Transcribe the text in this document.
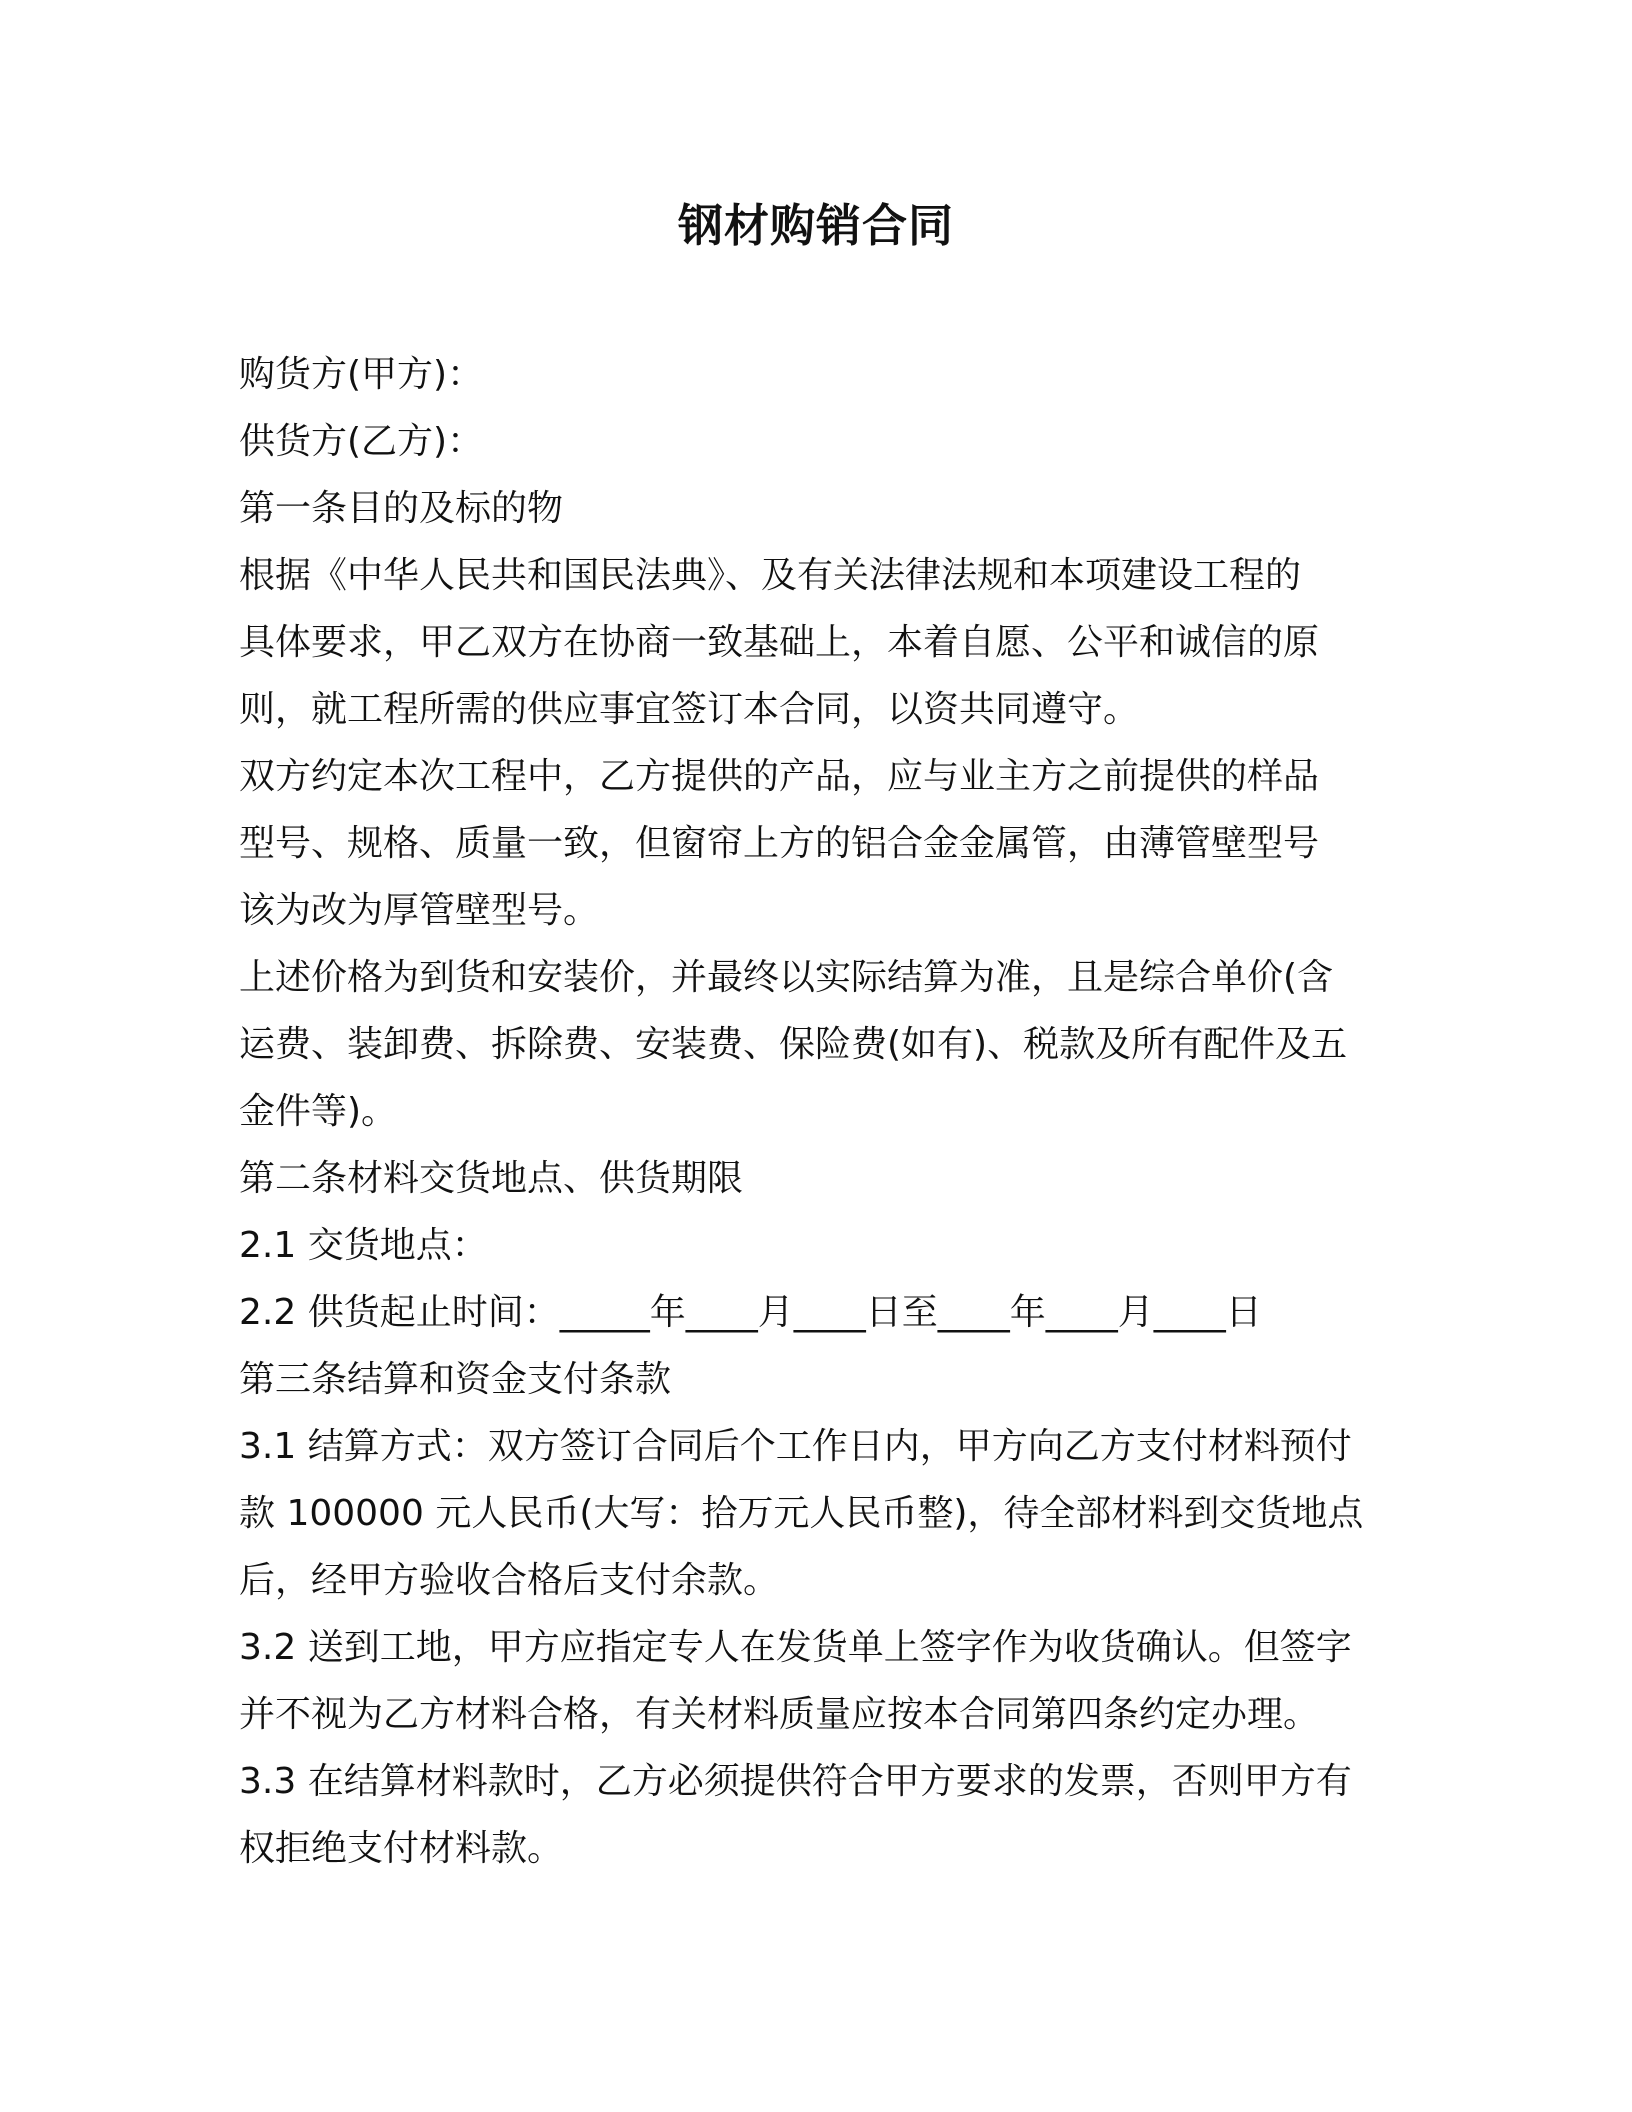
钢材购销合同
购货方(甲方)：
供货方(乙方)：
第一条目的及标的物
根据《中华人民共和国民法典》、及有关法律法规和本项建设工程的
具体要求，甲乙双方在协商一致基础上，本着自愿、公平和诚信的原
则，就工程所需的供应事宜签订本合同，以资共同遵守。
双方约定本次工程中，乙方提供的产品，应与业主方之前提供的样品
型号、规格、质量一致，但窗帘上方的铝合金金属管，由薄管壁型号
该为改为厚管壁型号。
上述价格为到货和安装价，并最终以实际结算为准，且是综合单价(含
运费、装卸费、拆除费、安装费、保险费(如有)、税款及所有配件及五
金件等)。
第二条材料交货地点、供货期限
2.1 交货地点：
2.2 供货起止时间：_____年____月____日至____年____月____日
第三条结算和资金支付条款
3.1 结算方式：双方签订合同后个工作日内，甲方向乙方支付材料预付
款 100000 元人民币(大写：拾万元人民币整)，待全部材料到交货地点
后，经甲方验收合格后支付余款。
3.2 送到工地，甲方应指定专人在发货单上签字作为收货确认。但签字
并不视为乙方材料合格，有关材料质量应按本合同第四条约定办理。
3.3 在结算材料款时，乙方必须提供符合甲方要求的发票，否则甲方有
权拒绝支付材料款。
